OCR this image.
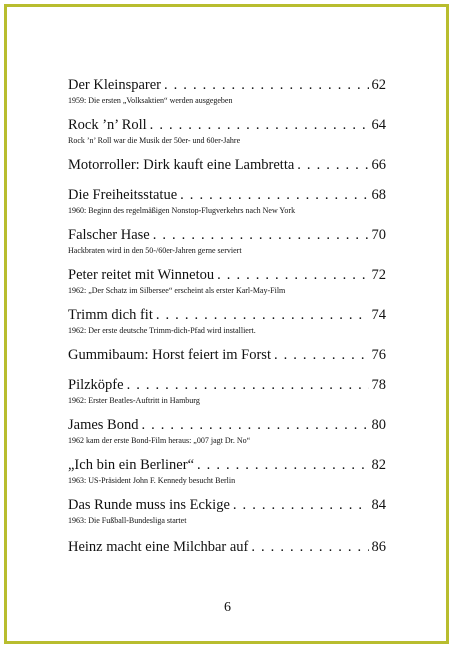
Der Kleinsparer . . .	62
1959: Die ersten „Volksaktien“ werden ausgegeben
Rock ’n’ Roll . . .	64
Rock ’n’ Roll war die Musik der 50er- und 60er-Jahre
Motorroller: Dirk kauft eine Lambretta . . .	66
Die Freiheitsstatue . . .	68
1960: Beginn des regelmäßigen Nonstop-Flugverkehrs nach New York
Falscher Hase . . .	70
Hackbraten wird in den 50-/60er-Jahren gerne serviert
Peter reitet mit Winnetou . . .	72
1962: „Der Schatz im Silbersee“ erscheint als erster Karl-May-Film
Trimm dich fit . . .	74
1962: Der erste deutsche Trimm-dich-Pfad wird installiert.
Gummibaum: Horst feiert im Forst . . .	76
Pilzköpfe . . .	78
1962: Erster Beatles-Auftritt in Hamburg
James Bond . . .	80
1962 kam der erste Bond-Film heraus: „007 jagt Dr. No“
„Ich bin ein Berliner“ . . .	82
1963: US-Präsident John F. Kennedy besucht Berlin
Das Runde muss ins Eckige . . .	84
1963: Die Fußball-Bundesliga startet
Heinz macht eine Milchbar auf . . .	86
6
